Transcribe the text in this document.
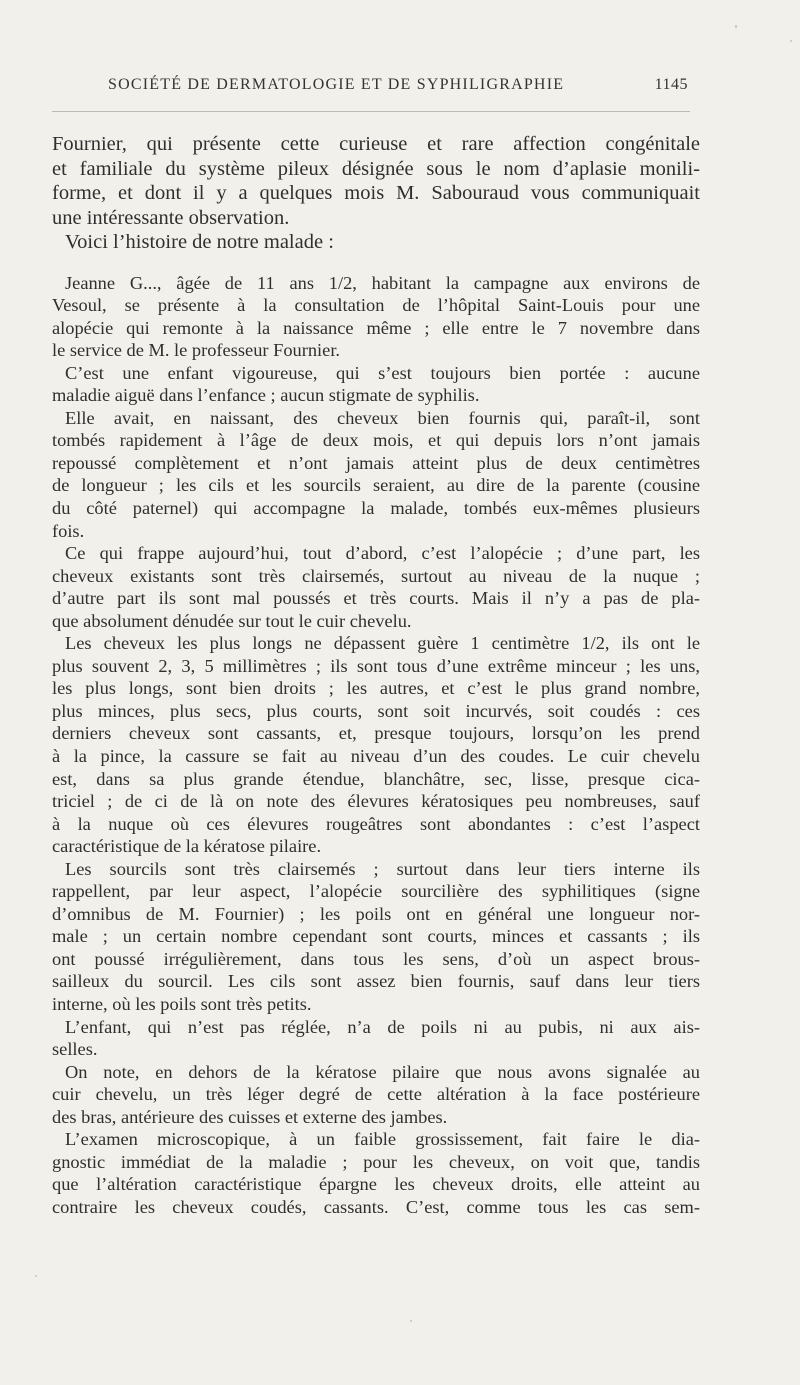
SOCIÉTÉ DE DERMATOLOGIE ET DE SYPHILIGRAPHIE	1145

Fournier, qui présente cette curieuse et rare affection congénitale

et familiale du système pileux désignée sous le nom d’aplasie monili-

forme, et dont il y a quelques mois M. Sabouraud vous communiquait

une intéressante observation.

Voici l’histoire de notre malade :

Jeanne G..., âgée de 11 ans 1/2, habitant la campagne aux environs de

Vesoul, se présente à la consultation de l’hôpital Saint-Louis pour une

alopécie qui remonte à la naissance même ; elle entre le 7 novembre dans

le service de M. le professeur Fournier.

C’est une enfant vigoureuse, qui s’est toujours bien portée : aucune

maladie aiguë dans l’enfance ; aucun stigmate de syphilis.

Elle avait, en naissant, des cheveux bien fournis qui, paraît-il, sont

tombés rapidement à l’âge de deux mois, et qui depuis lors n’ont jamais

repoussé complètement et n’ont jamais atteint plus de deux centimètres

de longueur ; les cils et les sourcils seraient, au dire de la parente (cousine

du côté paternel) qui accompagne la malade, tombés eux-mêmes plusieurs

fois.

Ce qui frappe aujourd’hui, tout d’abord, c’est l’alopécie ; d’une part, les

cheveux existants sont très clairsemés, surtout au niveau de la nuque ;

d’autre part ils sont mal poussés et très courts. Mais il n’y a pas de pla-

que absolument dénudée sur tout le cuir chevelu.

Les cheveux les plus longs ne dépassent guère 1 centimètre 1/2, ils ont le

plus souvent 2, 3, 5 millimètres ; ils sont tous d’une extrême minceur ; les uns,

les plus longs, sont bien droits ; les autres, et c’est le plus grand nombre,

plus minces, plus secs, plus courts, sont soit incurvés, soit coudés : ces

derniers cheveux sont cassants, et, presque toujours, lorsqu’on les prend

à la pince, la cassure se fait au niveau d’un des coudes. Le cuir chevelu

est, dans sa plus grande étendue, blanchâtre, sec, lisse, presque cica-

triciel ; de ci de là on note des élevures kératosiques peu nombreuses, sauf

à la nuque où ces élevures rougeâtres sont abondantes : c’est l’aspect

caractéristique de la kératose pilaire.

Les sourcils sont très clairsemés ; surtout dans leur tiers interne ils

rappellent, par leur aspect, l’alopécie sourcilière des syphilitiques (signe

d’omnibus de M. Fournier) ; les poils ont en général une longueur nor-

male ; un certain nombre cependant sont courts, minces et cassants ; ils

ont poussé irrégulièrement, dans tous les sens, d’où un aspect brous-

sailleux du sourcil. Les cils sont assez bien fournis, sauf dans leur tiers

interne, où les poils sont très petits.

L’enfant, qui n’est pas réglée, n’a de poils ni au pubis, ni aux ais-

selles.

On note, en dehors de la kératose pilaire que nous avons signalée au

cuir chevelu, un très léger degré de cette altération à la face postérieure

des bras, antérieure des cuisses et externe des jambes.

L’examen microscopique, à un faible grossissement, fait faire le dia-

gnostic immédiat de la maladie ; pour les cheveux, on voit que, tandis

que l’altération caractéristique épargne les cheveux droits, elle atteint au

contraire les cheveux coudés, cassants. C’est, comme tous les cas sem-
